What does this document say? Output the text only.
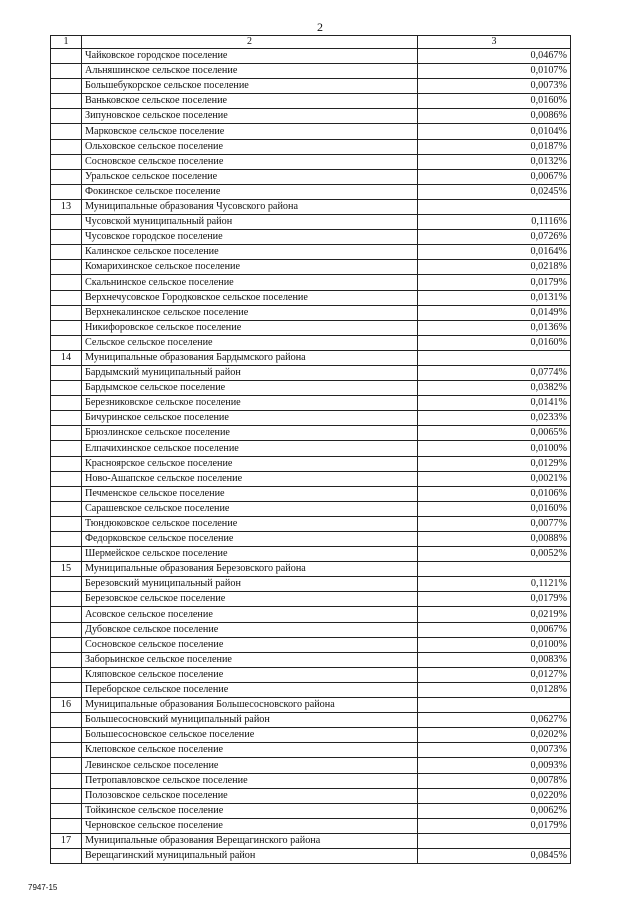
2
1	2	3
	Чайковское городское поселение	0,0467%
	Альняшинское сельское поселение	0,0107%
	Большебукорское сельское поселение	0,0073%
	Ваньковское сельское поселение	0,0160%
	Зипуновское сельское поселение	0,0086%
	Марковское сельское поселение	0,0104%
	Ольховское сельское поселение	0,0187%
	Сосновское сельское поселение	0,0132%
	Уральское сельское поселение	0,0067%
	Фокинское сельское поселение	0,0245%
13	Муниципальные образования Чусовского района	
	Чусовской муниципальный район	0,1116%
	Чусовское городское поселение	0,0726%
	Калинское сельское поселение	0,0164%
	Комарихинское сельское поселение	0,0218%
	Скальнинское сельское поселение	0,0179%
	Верхнечусовское Городковское сельское поселение	0,0131%
	Верхнекалинское сельское поселение	0,0149%
	Никифоровское сельское поселение	0,0136%
	Сельское сельское поселение	0,0160%
14	Муниципальные образования Бардымского района	
	Бардымский муниципальный район	0,0774%
	Бардымское сельское поселение	0,0382%
	Березниковское сельское поселение	0,0141%
	Бичуринское сельское поселение	0,0233%
	Брюзлинское сельское поселение	0,0065%
	Елпачихинское сельское поселение	0,0100%
	Красноярское сельское поселение	0,0129%
	Ново-Ашапское сельское поселение	0,0021%
	Печменское сельское поселение	0,0106%
	Сарашевское сельское поселение	0,0160%
	Тюндюковское сельское поселение	0,0077%
	Федорковское сельское поселение	0,0088%
	Шермейское сельское поселение	0,0052%
15	Муниципальные образования Березовского района	
	Березовский муниципальный район	0,1121%
	Березовское сельское поселение	0,0179%
	Асовское сельское поселение	0,0219%
	Дубовское сельское поселение	0,0067%
	Сосновское сельское поселение	0,0100%
	Заборьинское сельское поселение	0,0083%
	Кляповское сельское поселение	0,0127%
	Переборское сельское поселение	0,0128%
16	Муниципальные образования Большесосновского района	
	Большесосновский муниципальный район	0,0627%
	Большесосновское сельское поселение	0,0202%
	Клеповское сельское поселение	0,0073%
	Левинское сельское поселение	0,0093%
	Петропавловское сельское поселение	0,0078%
	Полозовское сельское поселение	0,0220%
	Тойкинское сельское поселение	0,0062%
	Черновское сельское поселение	0,0179%
17	Муниципальные образования Верещагинского района	
	Верещагинский муниципальный район	0,0845%
7947-15
